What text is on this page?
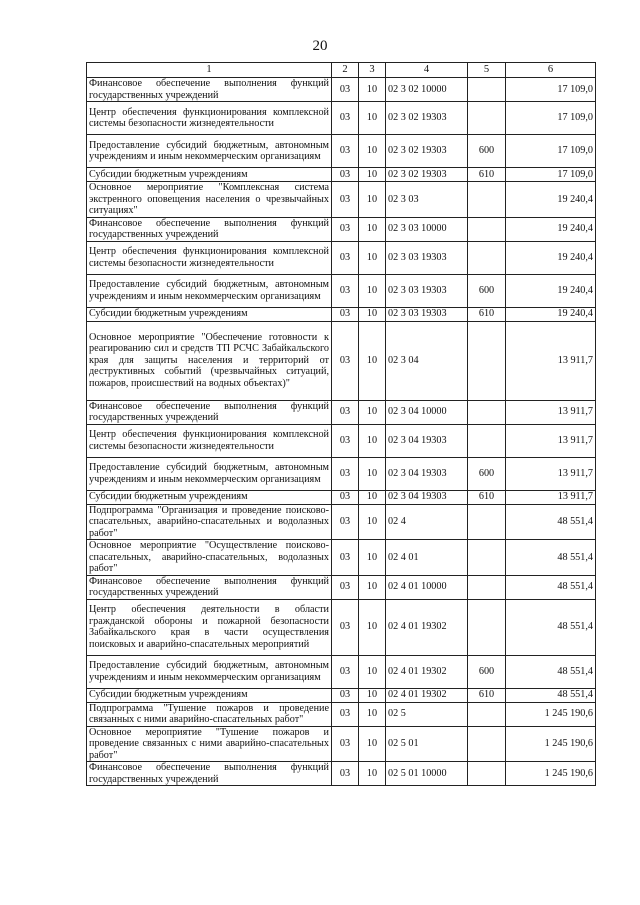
20
1	2	3	4	5	6
Финансовое обеспечение выполнения функций государственных учреждений	03	10	02 3 02 10000		17 109,0
Центр обеспечения функционирования комплексной системы безопасности жизнедеятельности	03	10	02 3 02 19303		17 109,0
Предоставление субсидий бюджетным, автономным учреждениям и иным некоммерческим организациям	03	10	02 3 02 19303	600	17 109,0
Субсидии бюджетным учреждениям	03	10	02 3 02 19303	610	17 109,0
Основное мероприятие "Комплексная система экстренного оповещения населения о чрезвычайных ситуациях"	03	10	02 3 03		19 240,4
Финансовое обеспечение выполнения функций государственных учреждений	03	10	02 3 03 10000		19 240,4
Центр обеспечения функционирования комплексной системы безопасности жизнедеятельности	03	10	02 3 03 19303		19 240,4
Предоставление субсидий бюджетным, автономным учреждениям и иным некоммерческим организациям	03	10	02 3 03 19303	600	19 240,4
Субсидии бюджетным учреждениям	03	10	02 3 03 19303	610	19 240,4
Основное мероприятие "Обеспечение готовности к реагированию сил и средств ТП РСЧС Забайкальского края для защиты населения и территорий от деструктивных событий (чрезвычайных ситуаций, пожаров, происшествий на водных объектах)"	03	10	02 3 04		13 911,7
Финансовое обеспечение выполнения функций государственных учреждений	03	10	02 3 04 10000		13 911,7
Центр обеспечения функционирования комплексной системы безопасности жизнедеятельности	03	10	02 3 04 19303		13 911,7
Предоставление субсидий бюджетным, автономным учреждениям и иным некоммерческим организациям	03	10	02 3 04 19303	600	13 911,7
Субсидии бюджетным учреждениям	03	10	02 3 04 19303	610	13 911,7
Подпрограмма "Организация и проведение поисково-спасательных, аварийно-спасательных и водолазных работ"	03	10	02 4		48 551,4
Основное мероприятие "Осуществление поисково-спасательных, аварийно-спасательных, водолазных работ"	03	10	02 4 01		48 551,4
Финансовое обеспечение выполнения функций государственных учреждений	03	10	02 4 01 10000		48 551,4
Центр обеспечения деятельности в области гражданской обороны и пожарной безопасности Забайкальского края в части осуществления поисковых и аварийно-спасательных мероприятий	03	10	02 4 01 19302		48 551,4
Предоставление субсидий бюджетным, автономным учреждениям и иным некоммерческим организациям	03	10	02 4 01 19302	600	48 551,4
Субсидии бюджетным учреждениям	03	10	02 4 01 19302	610	48 551,4
Подпрограмма "Тушение пожаров и проведение связанных с ними аварийно-спасательных работ"	03	10	02 5		1 245 190,6
Основное мероприятие "Тушение пожаров и проведение связанных с ними аварийно-спасательных работ"	03	10	02 5 01		1 245 190,6
Финансовое обеспечение выполнения функций государственных учреждений	03	10	02 5 01 10000		1 245 190,6
